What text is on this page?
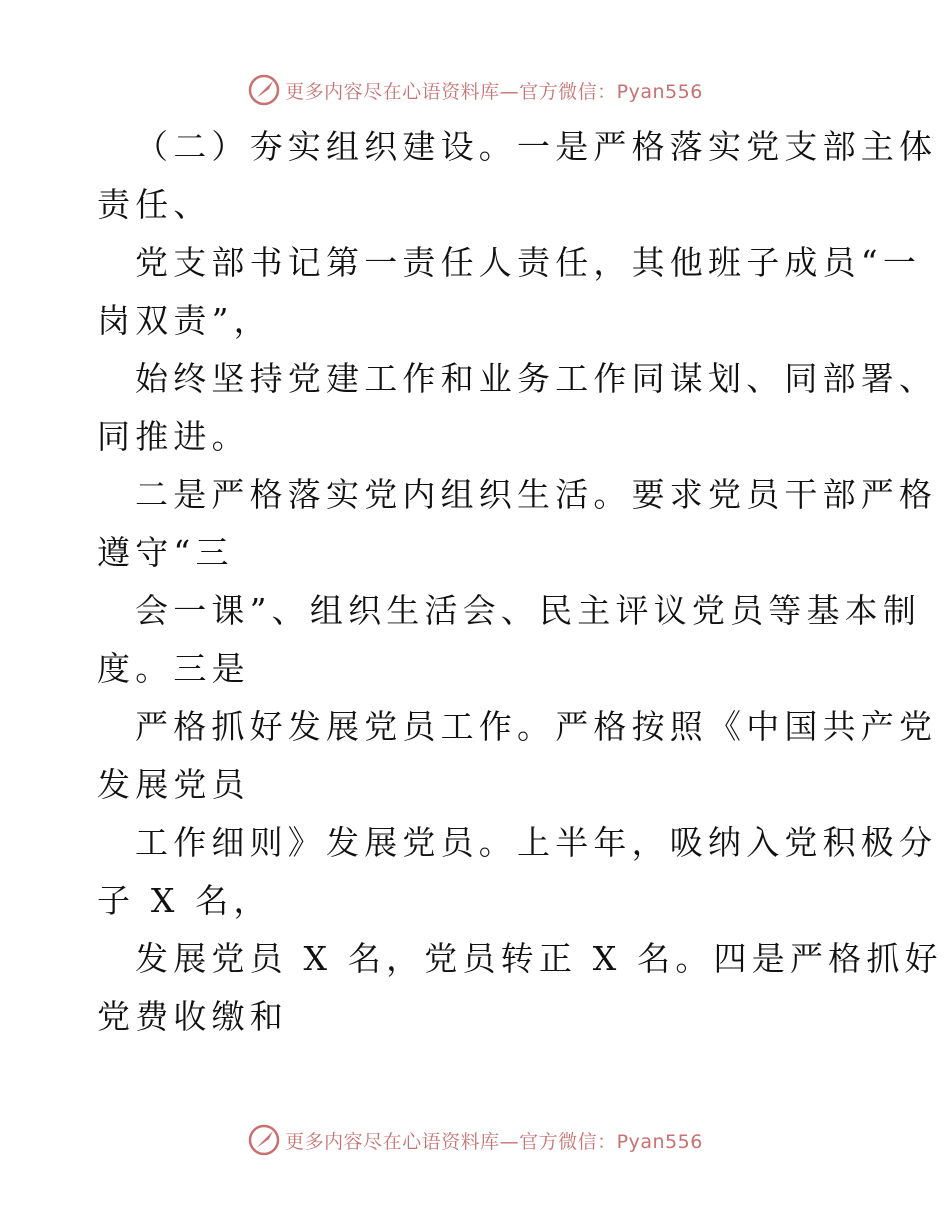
更多内容尽在心语资料库—官方微信：Pyan556
（二）夯实组织建设。一是严格落实党支部主体
责任、
党支部书记第一责任人责任，其他班子成员“一
岗双责”，
始终坚持党建工作和业务工作同谋划、同部署、
同推进。
二是严格落实党内组织生活。要求党员干部严格
遵守“三
会一课”、组织生活会、民主评议党员等基本制
度。三是
严格抓好发展党员工作。严格按照《中国共产党
发展党员
工作细则》发展党员。上半年，吸纳入党积极分
子 X 名，
发展党员 X 名，党员转正 X 名。四是严格抓好
党费收缴和
更多内容尽在心语资料库—官方微信：Pyan556
